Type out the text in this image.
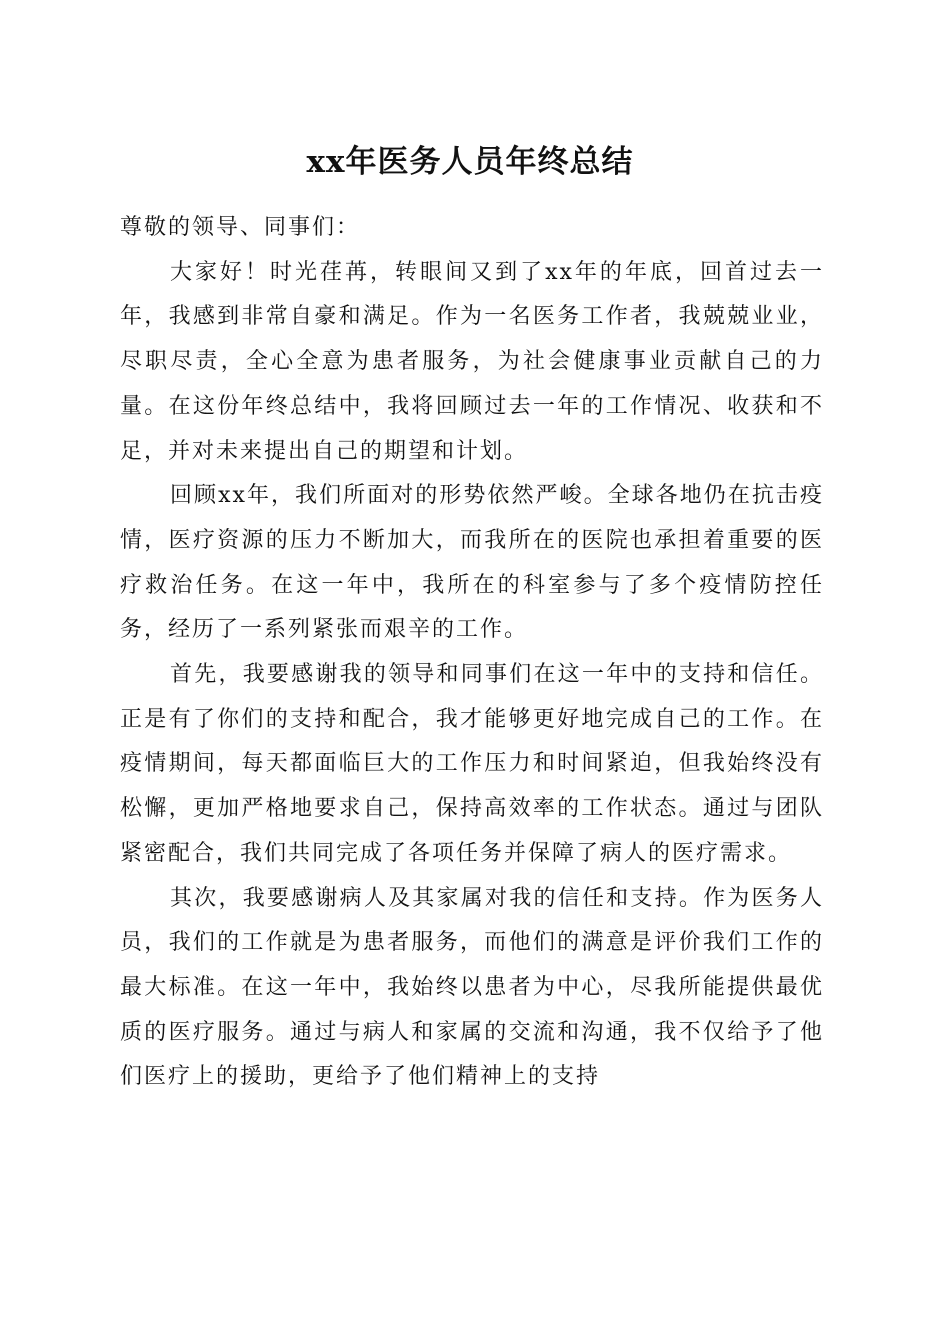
xx年医务人员年终总结

尊敬的领导、同事们：

大家好！时光荏苒，转眼间又到了xx年的年底，回首过去一年，我感到非常自豪和满足。作为一名医务工作者，我兢兢业业，尽职尽责，全心全意为患者服务，为社会健康事业贡献自己的力量。在这份年终总结中，我将回顾过去一年的工作情况、收获和不足，并对未来提出自己的期望和计划。

回顾xx年，我们所面对的形势依然严峻。全球各地仍在抗击疫情，医疗资源的压力不断加大，而我所在的医院也承担着重要的医疗救治任务。在这一年中，我所在的科室参与了多个疫情防控任务，经历了一系列紧张而艰辛的工作。

首先，我要感谢我的领导和同事们在这一年中的支持和信任。正是有了你们的支持和配合，我才能够更好地完成自己的工作。在疫情期间，每天都面临巨大的工作压力和时间紧迫，但我始终没有松懈，更加严格地要求自己，保持高效率的工作状态。通过与团队紧密配合，我们共同完成了各项任务并保障了病人的医疗需求。

其次，我要感谢病人及其家属对我的信任和支持。作为医务人员，我们的工作就是为患者服务，而他们的满意是评价我们工作的最大标准。在这一年中，我始终以患者为中心，尽我所能提供最优质的医疗服务。通过与病人和家属的交流和沟通，我不仅给予了他们医疗上的援助，更给予了他们精神上的支持
